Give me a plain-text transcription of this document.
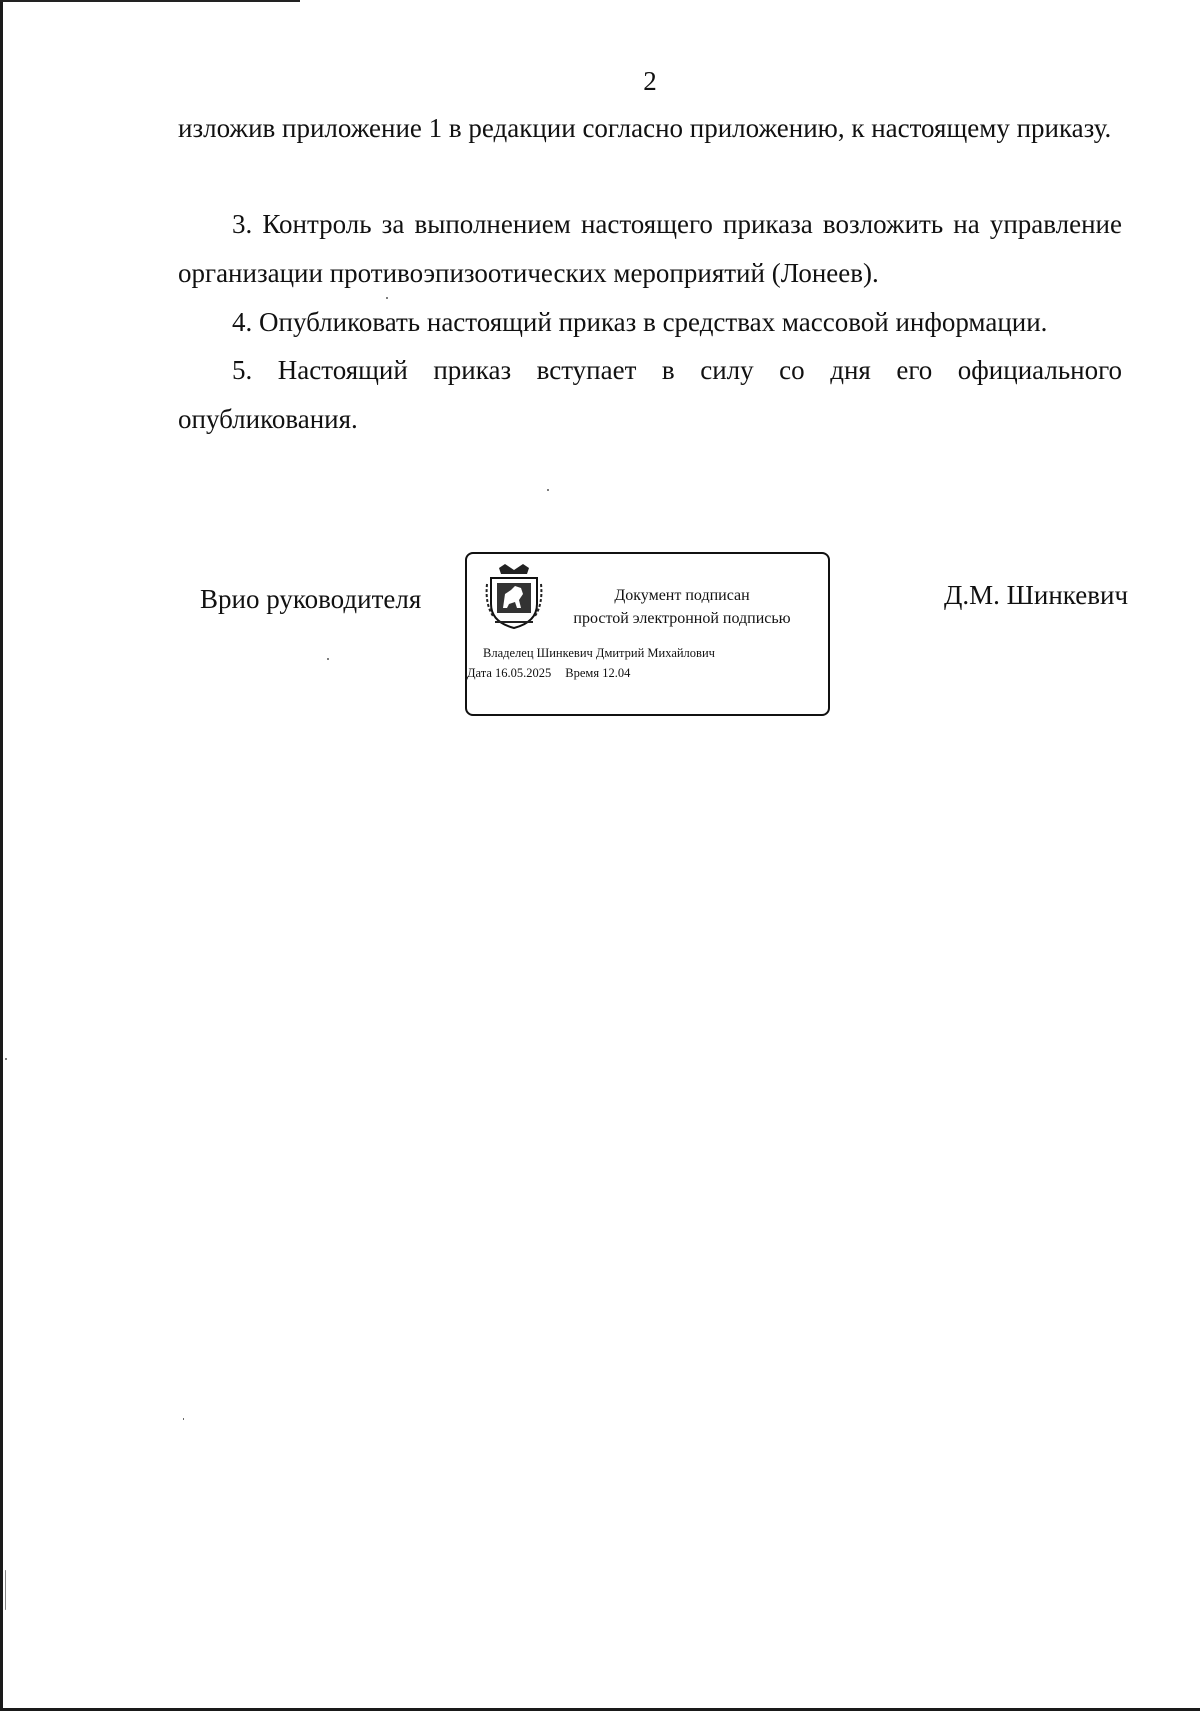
2

изложив приложение 1 в редакции согласно приложению, к настоящему приказу.

3. Контроль за выполнением настоящего приказа возложить на управление организации противоэпизоотических мероприятий (Лонеев).

4. Опубликовать настоящий приказ в средствах массовой информации.

5. Настоящий приказ вступает в силу со дня его официального опубликования.

Врио руководителя	Документ подписан
простой электронной подписью
Владелец Шинкевич Дмитрий Михайлович
Дата 16.05.2025 Время 12.04
Д.М. Шинкевич
